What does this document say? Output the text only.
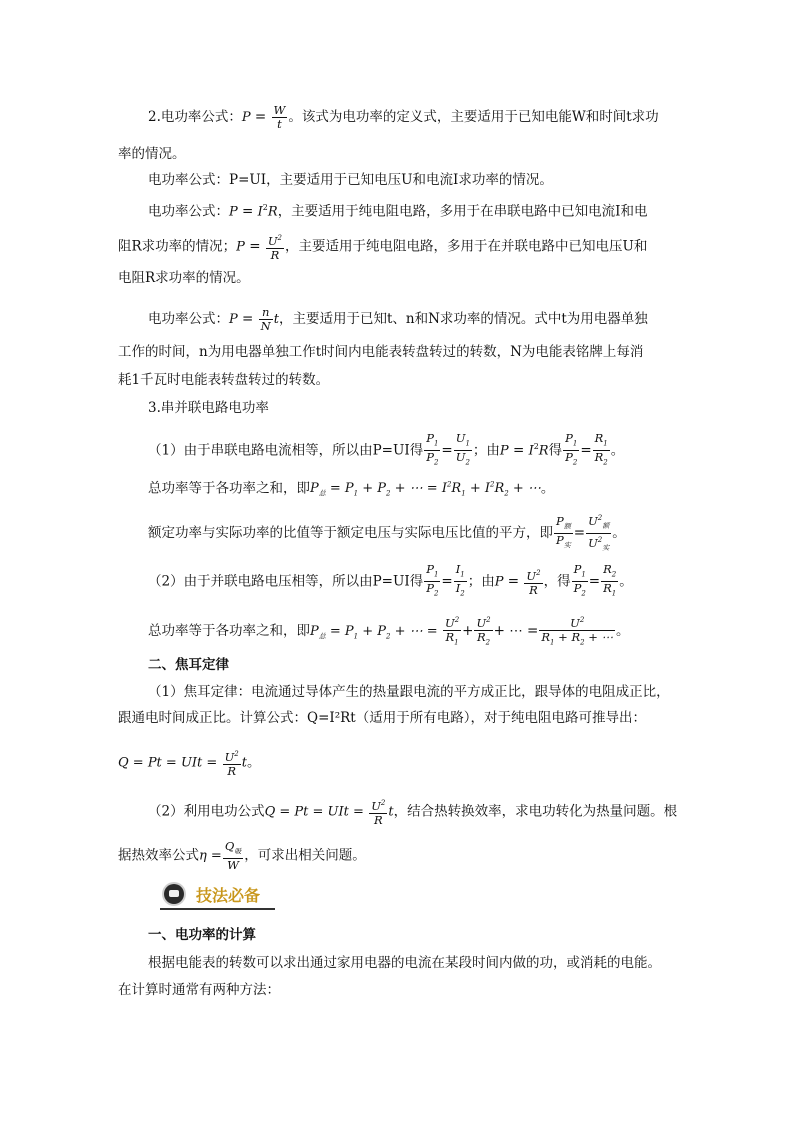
2.电功率公式：$P = \frac{W}{t}$ 。该式为电功率的定义式，主要适用于已知电能W和时间t求功
率的情况。
电功率公式：P=UI，主要适用于已知电压U和电流I求功率的情况。
电功率公式：$P = I^2R$，主要适用于纯电阻电路，多用于在串联电路中已知电流I和电
阻R求功率的情况；$P = \frac{U^2}{R}$ ，主要适用于纯电阻电路，多用于在并联电路中已知电压U和
电阻R求功率的情况。
电功率公式：$P = \frac{n}{N}$ t，主要适用于已知t、n和N求功率的情况。式中t为用电器单独
工作的时间，n为用电器单独工作t时间内电能表转盘转过的转数，N为电能表铭牌上每消
耗1千瓦时电能表转盘转过的转数。
3.串并联电路电功率
（1）由于串联电路电流相等，所以由P=UI得 $\frac{P_1}{P_2} = \frac{U_1}{U_2}$ ；由$P = I^2R$得 $\frac{P_1}{P_2} = \frac{R_1}{R_2}$ 。
总功率等于各功率之和，即$P_总 = P_1 + P_2$ + ⋯ = $I^2R_1 + I^2R_2$ + ⋯。
额定功率与实际功率的比值等于额定电压与实际电压比值的平方，即
$P_额$
$P_实$
=
$U^2_额$
$U^2_实$
。
（2）由于并联电路电压相等，所以由P=UI得 $\frac{P_1}{P_2} = \frac{I_1}{I_2}$ ；由$P = \frac{U^2}{R}$ ，得 $\frac{P_1}{P_2} = \frac{R_2}{R_1}$ 。
总功率等于各功率之和，即$P_总 = P_1 + P_2$ + ⋯ = $\frac{U^2}{R_1} + \frac{U^2}{R_2}$ + ⋯ = $\frac{U^2}{R_1 + R_2 + \cdots}$ 。
二、焦耳定律
（1）焦耳定律：电流通过导体产生的热量跟电流的平方成正比，跟导体的电阻成正比，
跟通电时间成正比。计算公式：Q=I²Rt（适用于所有电路），对于纯电阻电路可推导出：
Q = Pt = UIt = $\frac{U^2}{R}$ t。
（2）利用电功公式Q = Pt = UIt = $\frac{U^2}{R}$ t，结合热转换效率，求电功转化为热量问题。根
据热效率公式η =
$Q_吸$
W
，可求出相关问题。
技法必备
一、电功率的计算
根据电能表的转数可以求出通过家用电器的电流在某段时间内做的功，或消耗的电能。
在计算时通常有两种方法：
